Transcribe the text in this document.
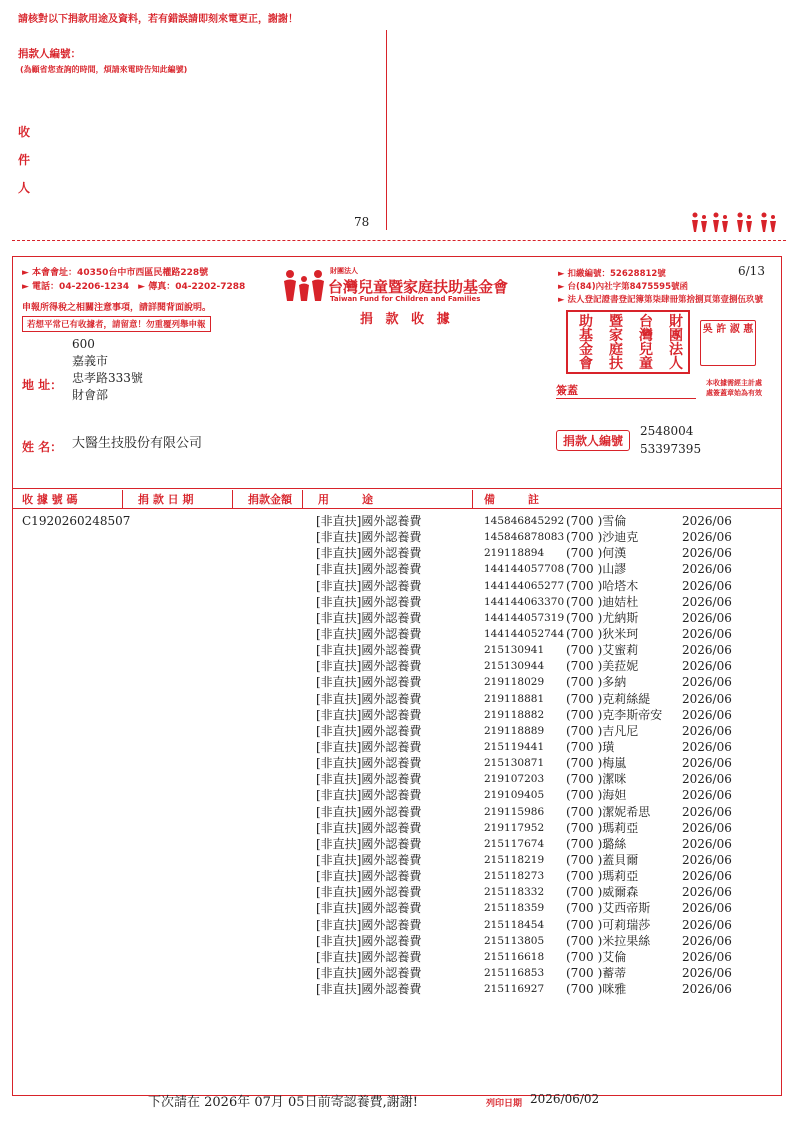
請核對以下捐款用途及資料，若有錯誤請即刻來電更正，謝謝！
捐款人編號：
(為顧省您查詢的時間，煩請來電時告知此編號)
收件人
78
► 本會會址：40350台中市西區民權路228號
► 電話：04-2206-1234　► 傳真：04-2202-7288
申報所得稅之相關注意事項，請詳閱背面說明。
若想平常已有收據者，請留意！勿重覆列舉申報
財團法人
台灣兒童暨家庭扶助基金會
Taiwan Fund for Children and Families
捐 款 收 據
► 扣繳編號：52628812號
► 台(84)內社字第8475595號函
► 法人登記證書登記簿第柒肆冊第捨捌頁第壹捌伍玖號
6/13
財團法人
台灣兒童
暨家庭扶
助基金會
吳 許 淑 惠
本收據需經主計處 處簽蓋章始為有效
簽蓋
600
嘉義市
忠孝路333號
財會部
地 址：
姓 名： 大醫生技股份有限公司	捐款人編號
2548004
53397395
收 據 號 碼	捐 款 日 期	捐款金額 用　　　途	備　　　註
C1920260248507	[非直扶]國外認養費	145846845292 (700 )雪倫	2026/06
[非直扶]國外認養費	145846878083 (700 )沙迪克	2026/06
[非直扶]國外認養費	219118894 (700 )何漢	2026/06
[非直扶]國外認養費	144144057708 (700 )山謬	2026/06
[非直扶]國外認養費	144144065277 (700 )哈塔木	2026/06
[非直扶]國外認養費	144144063370 (700 )迪姞杜	2026/06
[非直扶]國外認養費	144144057319 (700 )尤納斯	2026/06
[非直扶]國外認養費	144144052744 (700 )狄米珂	2026/06
[非直扶]國外認養費	215130941 (700 )艾蜜莉	2026/06
[非直扶]國外認養費	215130944 (700 )美菈妮	2026/06
[非直扶]國外認養費	219118029 (700 )多納	2026/06
[非直扶]國外認養費	219118881 (700 )克莉絲緹	2026/06
[非直扶]國外認養費	219118882 (700 )克李斯帝安 2026/06
[非直扶]國外認養費	219118889 (700 )吉凡尼	2026/06
[非直扶]國外認養費	215119441 (700 )璜	2026/06
[非直扶]國外認養費	215130871 (700 )梅嵐	2026/06
[非直扶]國外認養費	219107203 (700 )潔咪	2026/06
[非直扶]國外認養費	219109405 (700 )海妲	2026/06
[非直扶]國外認養費	219115986 (700 )潔妮希思	2026/06
[非直扶]國外認養費	219117952 (700 )瑪莉亞	2026/06
[非直扶]國外認養費	215117674 (700 )璐絲	2026/06
[非直扶]國外認養費	215118219 (700 )蓋貝爾	2026/06
[非直扶]國外認養費	215118273 (700 )瑪莉亞	2026/06
[非直扶]國外認養費	215118332 (700 )威爾森	2026/06
[非直扶]國外認養費	215118359 (700 )艾西帝斯	2026/06
[非直扶]國外認養費	215118454 (700 )可莉瑞莎	2026/06
[非直扶]國外認養費	215113805 (700 )米拉果絲	2026/06
[非直扶]國外認養費	215116618 (700 )艾倫	2026/06
[非直扶]國外認養費	215116853 (700 )蓄蒂	2026/06
[非直扶]國外認養費	215116927 (700 )咪雅	2026/06
下次請在 2026年 07月 05日前寄認養費,謝謝!	列印日期 2026/06/02
